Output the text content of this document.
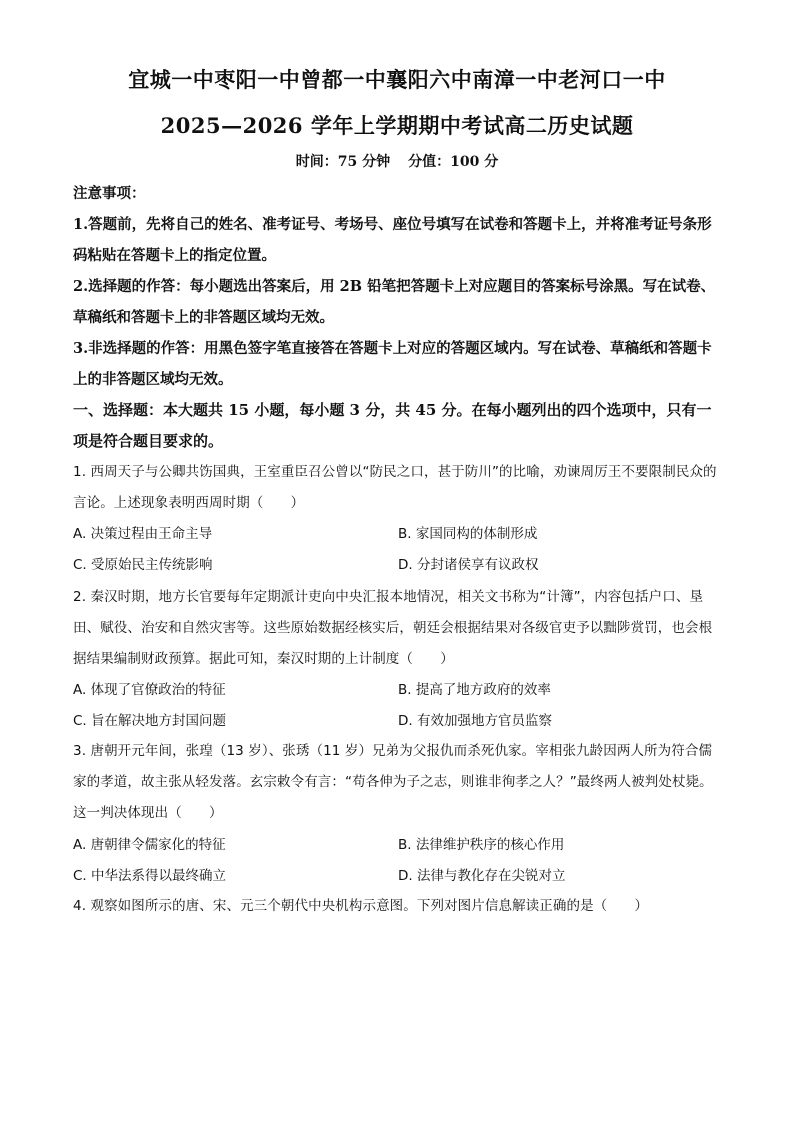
宜城一中枣阳一中曾都一中襄阳六中南漳一中老河口一中
2025—2026 学年上学期期中考试高二历史试题
时间：75 分钟 分值：100 分
注意事项：

1.答题前，先将自己的姓名、准考证号、考场号、座位号填写在试卷和答题卡上，并将准考证号条形码粘贴在答题卡上的指定位置。

2.选择题的作答：每小题选出答案后，用 2B 铅笔把答题卡上对应题目的答案标号涂黑。写在试卷、草稿纸和答题卡上的非答题区域均无效。

3.非选择题的作答：用黑色签字笔直接答在答题卡上对应的答题区域内。写在试卷、草稿纸和答题卡上的非答题区域均无效。

一、选择题：本大题共 15 小题，每小题 3 分，共 45 分。在每小题列出的四个选项中，只有一项是符合题目要求的。
1. 西周天子与公卿共饬国典，王室重臣召公曾以“防民之口，甚于防川”的比喻，劝谏周厉王不要限制民众的言论。上述现象表明西周时期（　　）
A. 决策过程由王命主导	B. 家国同构的体制形成
C. 受原始民主传统影响	D. 分封诸侯享有议政权
2. 秦汉时期，地方长官要每年定期派计吏向中央汇报本地情况，相关文书称为“计簿”，内容包括户口、垦田、赋役、治安和自然灾害等。这些原始数据经核实后，朝廷会根据结果对各级官吏予以黜陟赏罚，也会根据结果编制财政预算。据此可知，秦汉时期的上计制度（　　）
A. 体现了官僚政治的特征	B. 提高了地方政府的效率
C. 旨在解决地方封国问题	D. 有效加强地方官员监察
3. 唐朝开元年间，张瑝（13 岁）、张琇（11 岁）兄弟为父报仇而杀死仇家。宰相张九龄因两人所为符合儒家的孝道，故主张从轻发落。玄宗敕令有言：“苟各伸为子之志，则谁非徇孝之人？”最终两人被判处杖毙。这一判决体现出（　　）
A. 唐朝律令儒家化的特征	B. 法律维护秩序的核心作用
C. 中华法系得以最终确立	D. 法律与教化存在尖锐对立
4. 观察如图所示的唐、宋、元三个朝代中央机构示意图。下列对图片信息解读正确的是（　　）
